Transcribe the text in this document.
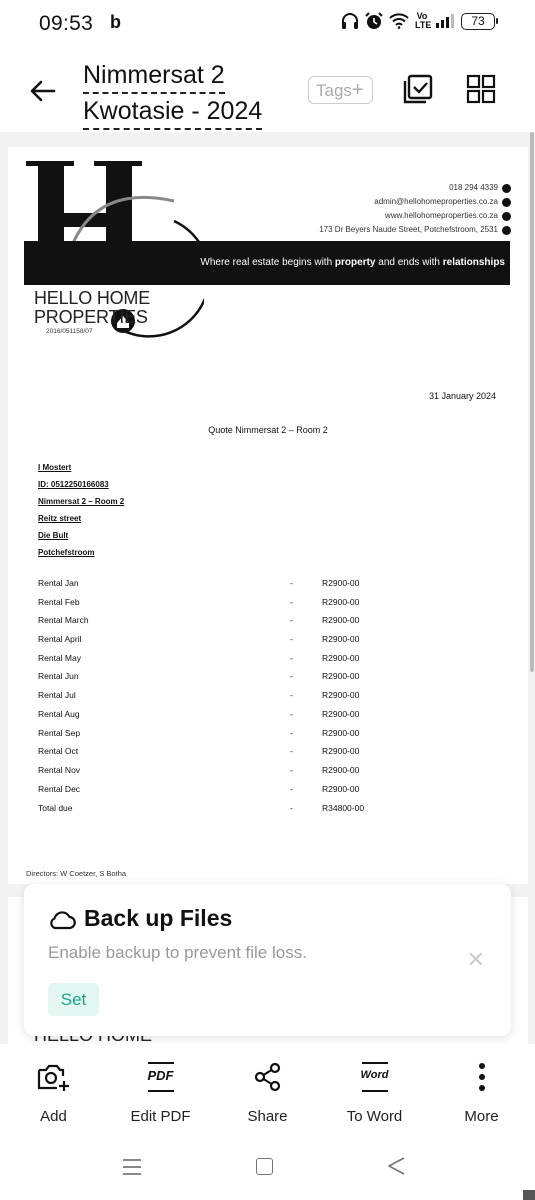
09:53 b	Vo LTE	73
Nimmersat 2
Kwotasie - 2024
Tags+
018 294 4339
admin@hellohomeproperties.co.za
www.hellohomeproperties.co.za
173 Dr Beyers Naude Street, Potchefstroom, 2531
Where real estate begins with property and ends with relationships
HELLO HOME
PROPERTIES
2016/051158/07
31 January 2024
Quote Nimmersat 2 – Room 2
I Mostert
ID: 0512250166083
Nimmersat 2 – Room 2
Reitz street
Die Bult
Potchefstroom
Rental Jan	-	R2900-00
Rental Feb	-	R2900-00
Rental March	-	R2900-00
Rental April	-	R2900-00
Rental May	-	R2900-00
Rental Jun	-	R2900-00
Rental Jul	-	R2900-00
Rental Aug	-	R2900-00
Rental Sep	-	R2900-00
Rental Oct	-	R2900-00
Rental Nov	-	R2900-00
Rental Dec	-	R2900-00
Total due	-	R34800-00
Directors: W Coetzer, S Botha
Back up Files
Enable backup to prevent file loss.	✕
Set
Add
PDF
Edit PDF	Share
Word
To Word	More
